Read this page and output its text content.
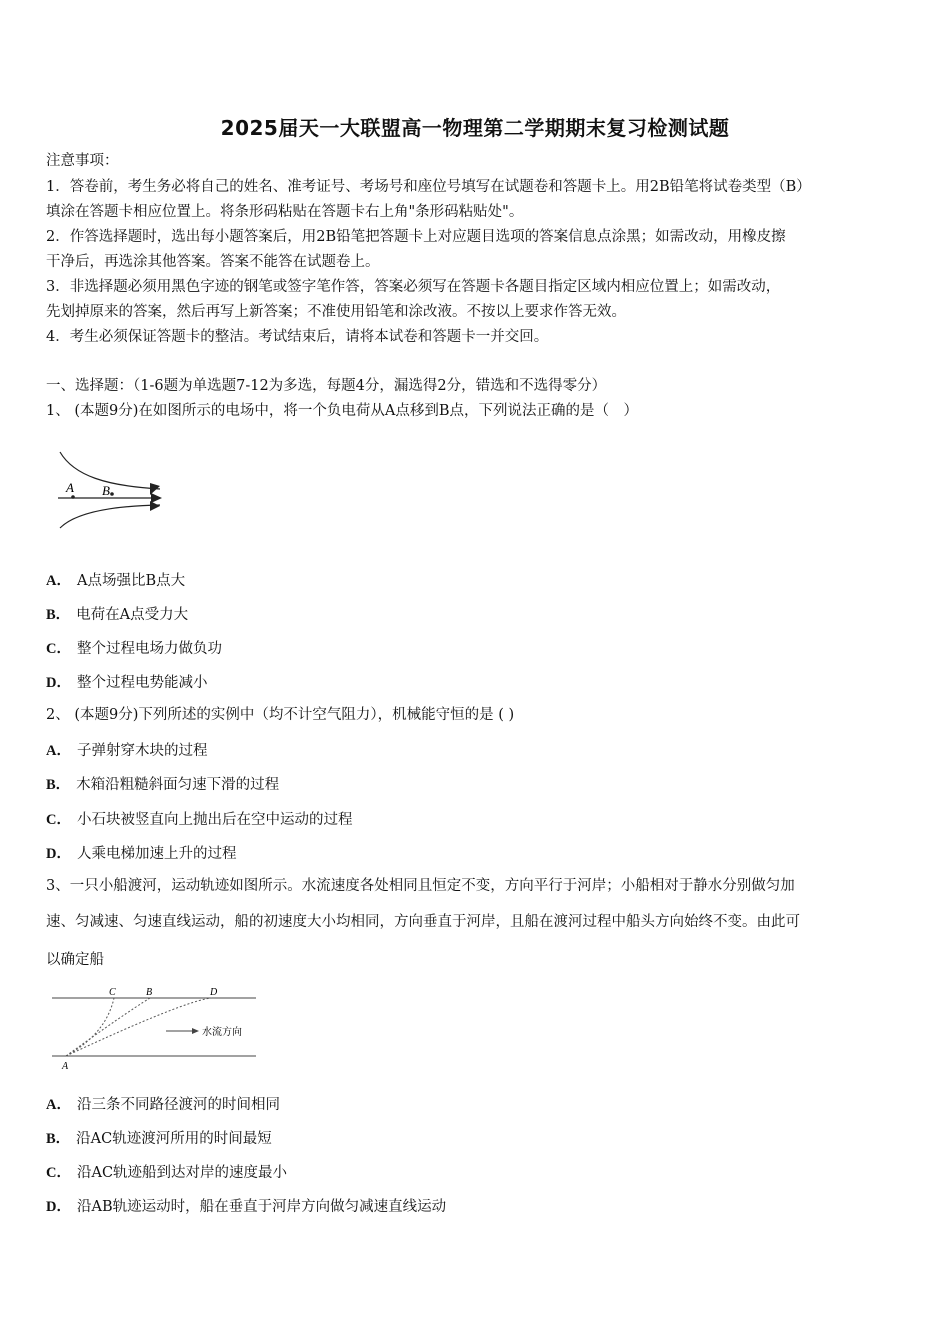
2025届天一大联盟高一物理第二学期期末复习检测试题
注意事项：
1．答卷前，考生务必将自己的姓名、准考证号、考场号和座位号填写在试题卷和答题卡上。用2B铅笔将试卷类型（B）
填涂在答题卡相应位置上。将条形码粘贴在答题卡右上角"条形码粘贴处"。
2．作答选择题时，选出每小题答案后，用2B铅笔把答题卡上对应题目选项的答案信息点涂黑；如需改动，用橡皮擦
干净后，再选涂其他答案。答案不能答在试题卷上。
3．非选择题必须用黑色字迹的钢笔或签字笔作答，答案必须写在答题卡各题目指定区域内相应位置上；如需改动，
先划掉原来的答案，然后再写上新答案；不准使用铅笔和涂改液。不按以上要求作答无效。
4．考生必须保证答题卡的整洁。考试结束后，请将本试卷和答题卡一并交回。
一、选择题：（1-6题为单选题7-12为多选，每题4分，漏选得2分，错选和不选得零分）
1、 (本题9分)在如图所示的电场中，将一个负电荷从A点移到B点，下列说法正确的是（　）
A B
A． A点场强比B点大
B． 电荷在A点受力大
C． 整个过程电场力做负功
D． 整个过程电势能减小
2、 (本题9分)下列所述的实例中（均不计空气阻力），机械能守恒的是 ( )
A． 子弹射穿木块的过程
B． 木箱沿粗糙斜面匀速下滑的过程
C． 小石块被竖直向上抛出后在空中运动的过程
D． 人乘电梯加速上升的过程
3、一只小船渡河，运动轨迹如图所示。水流速度各处相同且恒定不变，方向平行于河岸；小船相对于静水分别做匀加
速、匀减速、匀速直线运动，船的初速度大小均相同，方向垂直于河岸，且船在渡河过程中船头方向始终不变。由此可
以确定船
C	B	D
A
水流方向
A． 沿三条不同路径渡河的时间相同
B． 沿AC轨迹渡河所用的时间最短
C． 沿AC轨迹船到达对岸的速度最小
D． 沿AB轨迹运动时，船在垂直于河岸方向做匀减速直线运动
